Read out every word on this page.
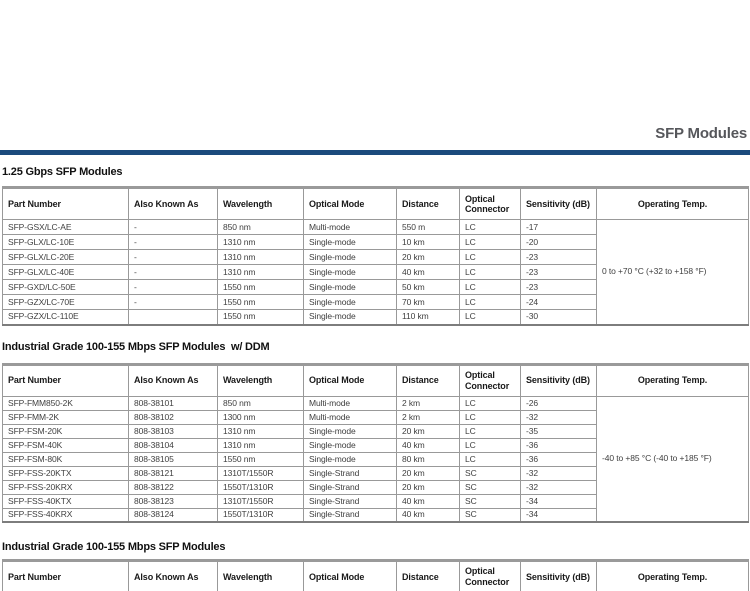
SFP Modules
1.25 Gbps SFP Modules
Part Number	Also Known As	Wavelength	Optical Mode	Distance	Optical Connector	Sensitivity (dB)	Operating Temp.
SFP-GSX/LC-AE	-	850 nm	Multi-mode	550 m	LC	-17	0 to +70 °C (+32 to +158 °F)
SFP-GLX/LC-10E	-	1310 nm	Single-mode	10 km	LC	-20	
SFP-GLX/LC-20E	-	1310 nm	Single-mode	20 km	LC	-23	
SFP-GLX/LC-40E	-	1310 nm	Single-mode	40 km	LC	-23	
SFP-GXD/LC-50E	-	1550 nm	Single-mode	50 km	LC	-23	
SFP-GZX/LC-70E	-	1550 nm	Single-mode	70 km	LC	-24	
SFP-GZX/LC-110E		1550 nm	Single-mode	110 km	LC	-30	
Industrial Grade 100-155 Mbps SFP Modules  w/ DDM
Part Number	Also Known As	Wavelength	Optical Mode	Distance	Optical Connector	Sensitivity (dB)	Operating Temp.
SFP-FMM850-2K	808-38101	850 nm	Multi-mode	2 km	LC	-26	-40 to +85 °C (-40 to +185 °F)
SFP-FMM-2K	808-38102	1300 nm	Multi-mode	2 km	LC	-32	
SFP-FSM-20K	808-38103	1310 nm	Single-mode	20 km	LC	-35	
SFP-FSM-40K	808-38104	1310 nm	Single-mode	40 km	LC	-36	
SFP-FSM-80K	808-38105	1550 nm	Single-mode	80 km	LC	-36	
SFP-FSS-20KTX	808-38121	1310T/1550R	Single-Strand	20 km	SC	-32	
SFP-FSS-20KRX	808-38122	1550T/1310R	Single-Strand	20 km	SC	-32	
SFP-FSS-40KTX	808-38123	1310T/1550R	Single-Strand	40 km	SC	-34	
SFP-FSS-40KRX	808-38124	1550T/1310R	Single-Strand	40 km	SC	-34	
Industrial Grade 100-155 Mbps SFP Modules
Part Number	Also Known As	Wavelength	Optical Mode	Distance	Optical Connector	Sensitivity (dB)	Operating Temp.
